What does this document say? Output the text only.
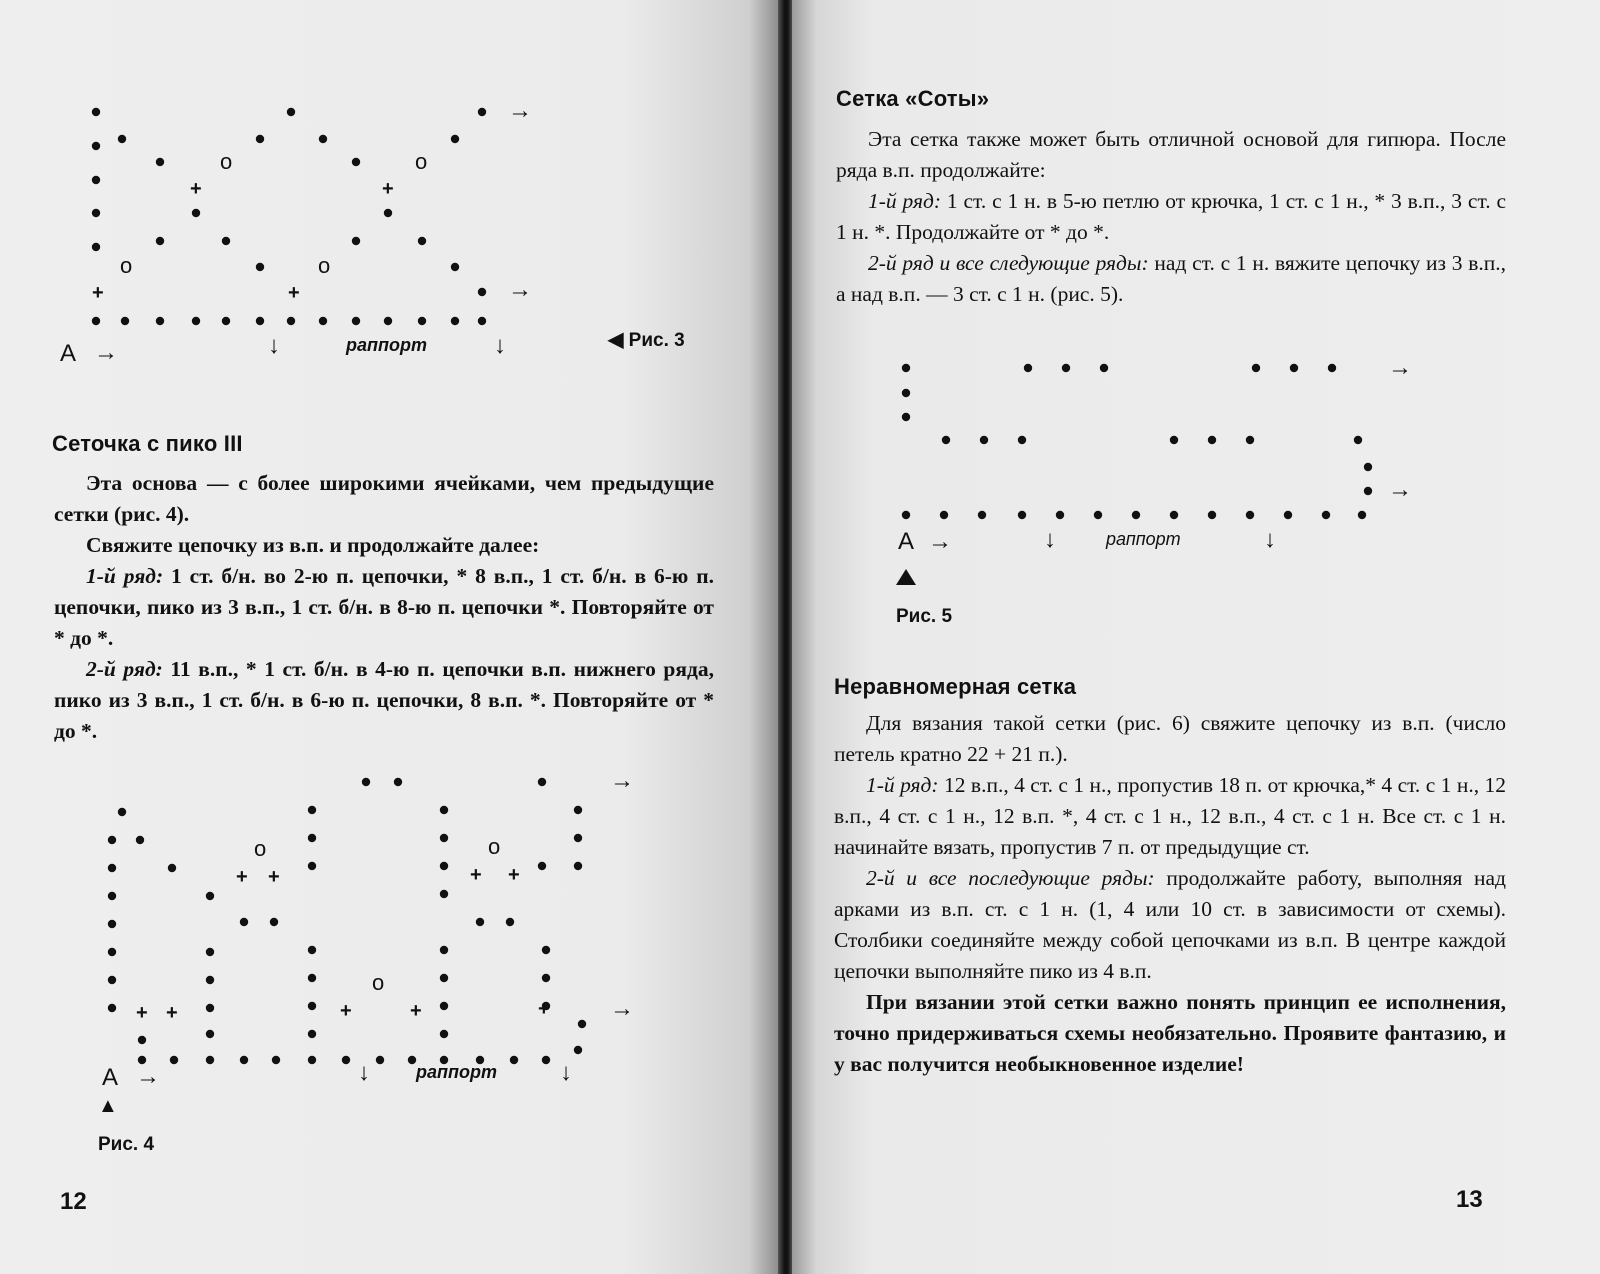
o	o
o	o
+	+
+	+
→
→
↓	↓
→
А	раппорт	◀ Рис. 3
Сеточка с пико III

Эта основа — с более широкими ячейками, чем предыдущие сетки (рис. 4).

Свяжите цепочку из в.п. и продолжайте далее:

1-й ряд: 1 ст. б/н. во 2-ю п. цепочки, * 8 в.п., 1 ст. б/н. в 6-ю п. цепочки, пико из 3 в.п., 1 ст. б/н. в 8-ю п. цепочки *. Повторяйте от * до *.

2-й ряд: 11 в.п., * 1 ст. б/н. в 4-ю п. цепочки в.п. нижнего ряда, пико из 3 в.п., 1 ст. б/н. в 6-ю п. цепочки, 8 в.п. *. Повторяйте от * до *.

o	o
o
+ +	+ +
+ +	+	+	+
→
→
↓	↓
→
А	раппорт
▲
Рис. 4
12
Сетка «Соты»

Эта сетка также может быть отличной основой для гипюра. После ряда в.п. продолжайте:

1-й ряд: 1 ст. с 1 н. в 5-ю петлю от крючка, 1 ст. с 1 н., * 3 в.п., 3 ст. с 1 н. *. Продолжайте от * до *.

2-й ряд и все следующие ряды: над ст. с 1 н. вяжите цепочку из 3 в.п., а над в.п. — 3 ст. с 1 н. (рис. 5).

→
→
↓	↓
→
А	раппорт
Рис. 5
Неравномерная сетка

Для вязания такой сетки (рис. 6) свяжите цепочку из в.п. (число петель кратно 22 + 21 п.).

1-й ряд: 12 в.п., 4 ст. с 1 н., пропустив 18 п. от крючка,* 4 ст. с 1 н., 12 в.п., 4 ст. с 1 н., 12 в.п. *, 4 ст. с 1 н., 12 в.п., 4 ст. с 1 н. Все ст. с 1 н. начинайте вязать, пропустив 7 п. от предыдущие ст.

2-й и все последующие ряды: продолжайте работу, выполняя над арками из в.п. ст. с 1 н. (1, 4 или 10 ст. в зависимости от схемы). Столбики соединяйте между собой цепочками из в.п. В центре каждой цепочки выполняйте пико из 4 в.п.

При вязании этой сетки важно понять принцип ее исполнения, точно придерживаться схемы необязательно. Проявите фантазию, и у вас получится необыкновенное изделие!

13
